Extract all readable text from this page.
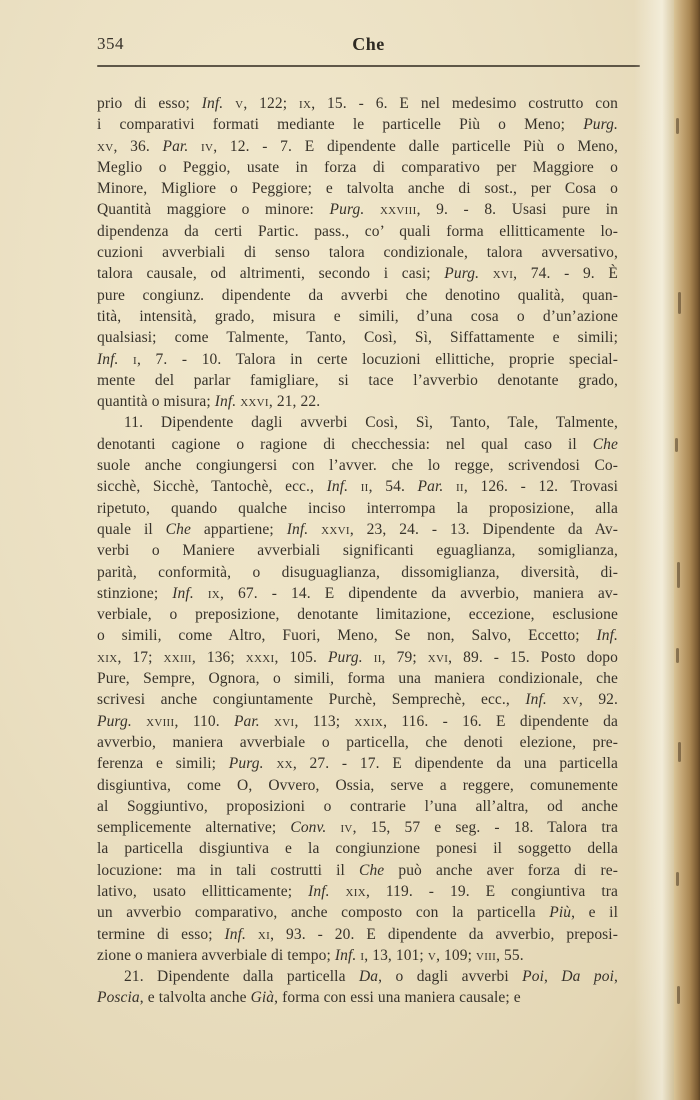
354	Che
prio di esso; Inf. v, 122; ix, 15. - 6. E nel medesimo costrutto con
i comparativi formati mediante le particelle Più o Meno; Purg.
xv, 36. Par. iv, 12. - 7. E dipendente dalle particelle Più o Meno,
Meglio o Peggio, usate in forza di comparativo per Maggiore o
Minore, Migliore o Peggiore; e talvolta anche di sost., per Cosa o
Quantità maggiore o minore: Purg. xxviii, 9. - 8. Usasi pure in
dipendenza da certi Partic. pass., co’ quali forma ellitticamente lo-
cuzioni avverbiali di senso talora condizionale, talora avversativo,
talora causale, od altrimenti, secondo i casi; Purg. xvi, 74. - 9. È
pure congiunz. dipendente da avverbi che denotino qualità, quan-
tità, intensità, grado, misura e simili, d’una cosa o d’un’azione
qualsiasi; come Talmente, Tanto, Così, Sì, Siffattamente e simili;
Inf. i, 7. - 10. Talora in certe locuzioni ellittiche, proprie special-
mente del parlar famigliare, si tace l’avverbio denotante grado,
quantità o misura; Inf. xxvi, 21, 22.
11. Dipendente dagli avverbi Così, Sì, Tanto, Tale, Talmente,
denotanti cagione o ragione di checchessia: nel qual caso il Che
suole anche congiungersi con l’avver. che lo regge, scrivendosi Co-
sicchè, Sicchè, Tantochè, ecc., Inf. ii, 54. Par. ii, 126. - 12. Trovasi
ripetuto, quando qualche inciso interrompa la proposizione, alla
quale il Che appartiene; Inf. xxvi, 23, 24. - 13. Dipendente da Av-
verbi o Maniere avverbiali significanti eguaglianza, somiglianza,
parità, conformità, o disuguaglianza, dissomiglianza, diversità, di-
stinzione; Inf. ix, 67. - 14. E dipendente da avverbio, maniera av-
verbiale, o preposizione, denotante limitazione, eccezione, esclusione
o simili, come Altro, Fuori, Meno, Se non, Salvo, Eccetto; Inf.
xix, 17; xxiii, 136; xxxi, 105. Purg. ii, 79; xvi, 89. - 15. Posto dopo
Pure, Sempre, Ognora, o simili, forma una maniera condizionale, che
scrivesi anche congiuntamente Purchè, Semprechè, ecc., Inf. xv, 92.
Purg. xviii, 110. Par. xvi, 113; xxix, 116. - 16. E dipendente da
avverbio, maniera avverbiale o particella, che denoti elezione, pre-
ferenza e simili; Purg. xx, 27. - 17. E dipendente da una particella
disgiuntiva, come O, Ovvero, Ossia, serve a reggere, comunemente
al Soggiuntivo, proposizioni o contrarie l’una all’altra, od anche
semplicemente alternative; Conv. iv, 15, 57 e seg. - 18. Talora tra
la particella disgiuntiva e la congiunzione ponesi il soggetto della
locuzione: ma in tali costrutti il Che può anche aver forza di re-
lativo, usato ellitticamente; Inf. xix, 119. - 19. E congiuntiva tra
un avverbio comparativo, anche composto con la particella Più, e il
termine di esso; Inf. xi, 93. - 20. E dipendente da avverbio, preposi-
zione o maniera avverbiale di tempo; Inf. i, 13, 101; v, 109; viii, 55.
21. Dipendente dalla particella Da, o dagli avverbi Poi, Da poi,
Poscia, e talvolta anche Già, forma con essi una maniera causale; e
